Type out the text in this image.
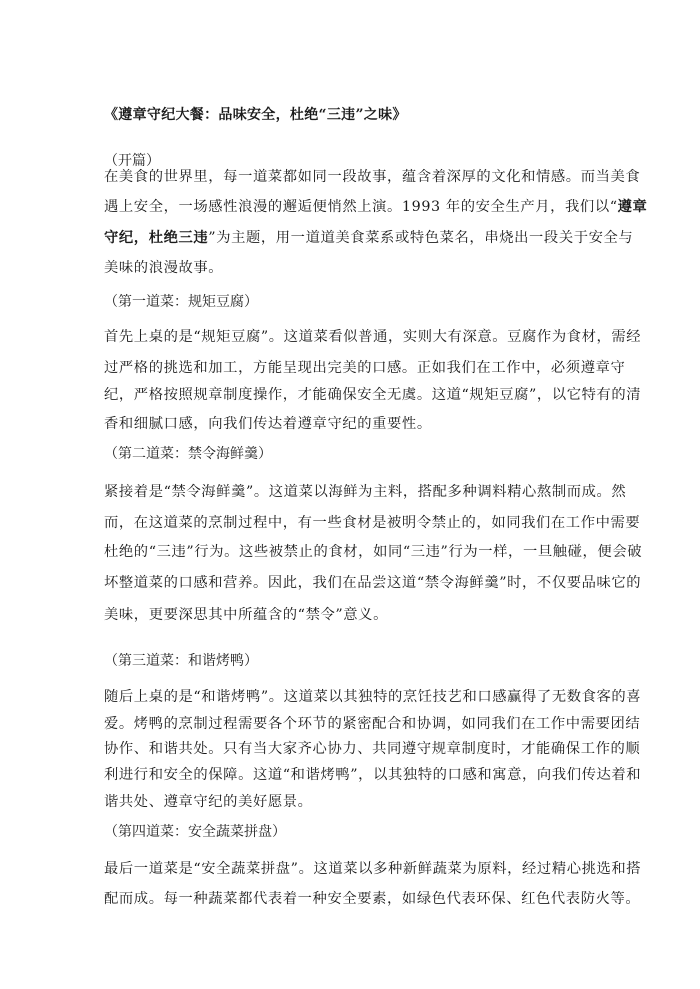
《遵章守纪大餐：品味安全，杜绝“三违”之味》
（开篇）
在美食的世界里，每一道菜都如同一段故事，蕴含着深厚的文化和情感。而当美食
遇上安全，一场感性浪漫的邂逅便悄然上演。1993 年的安全生产月，我们以“遵章
守纪，杜绝三违”为主题，用一道道美食菜系或特色菜名，串烧出一段关于安全与
美味的浪漫故事。
（第一道菜：规矩豆腐）
首先上桌的是“规矩豆腐”。这道菜看似普通，实则大有深意。豆腐作为食材，需经
过严格的挑选和加工，方能呈现出完美的口感。正如我们在工作中，必须遵章守
纪，严格按照规章制度操作，才能确保安全无虞。这道“规矩豆腐”，以它特有的清
香和细腻口感，向我们传达着遵章守纪的重要性。
（第二道菜：禁令海鲜羹）
紧接着是“禁令海鲜羹”。这道菜以海鲜为主料，搭配多种调料精心熬制而成。然
而，在这道菜的烹制过程中，有一些食材是被明令禁止的，如同我们在工作中需要
杜绝的“三违”行为。这些被禁止的食材，如同“三违”行为一样，一旦触碰，便会破
坏整道菜的口感和营养。因此，我们在品尝这道“禁令海鲜羹”时，不仅要品味它的
美味，更要深思其中所蕴含的“禁令”意义。
（第三道菜：和谐烤鸭）
随后上桌的是“和谐烤鸭”。这道菜以其独特的烹饪技艺和口感赢得了无数食客的喜
爱。烤鸭的烹制过程需要各个环节的紧密配合和协调，如同我们在工作中需要团结
协作、和谐共处。只有当大家齐心协力、共同遵守规章制度时，才能确保工作的顺
利进行和安全的保障。这道“和谐烤鸭”，以其独特的口感和寓意，向我们传达着和
谐共处、遵章守纪的美好愿景。
（第四道菜：安全蔬菜拼盘）
最后一道菜是“安全蔬菜拼盘”。这道菜以多种新鲜蔬菜为原料，经过精心挑选和搭
配而成。每一种蔬菜都代表着一种安全要素，如绿色代表环保、红色代表防火等。
